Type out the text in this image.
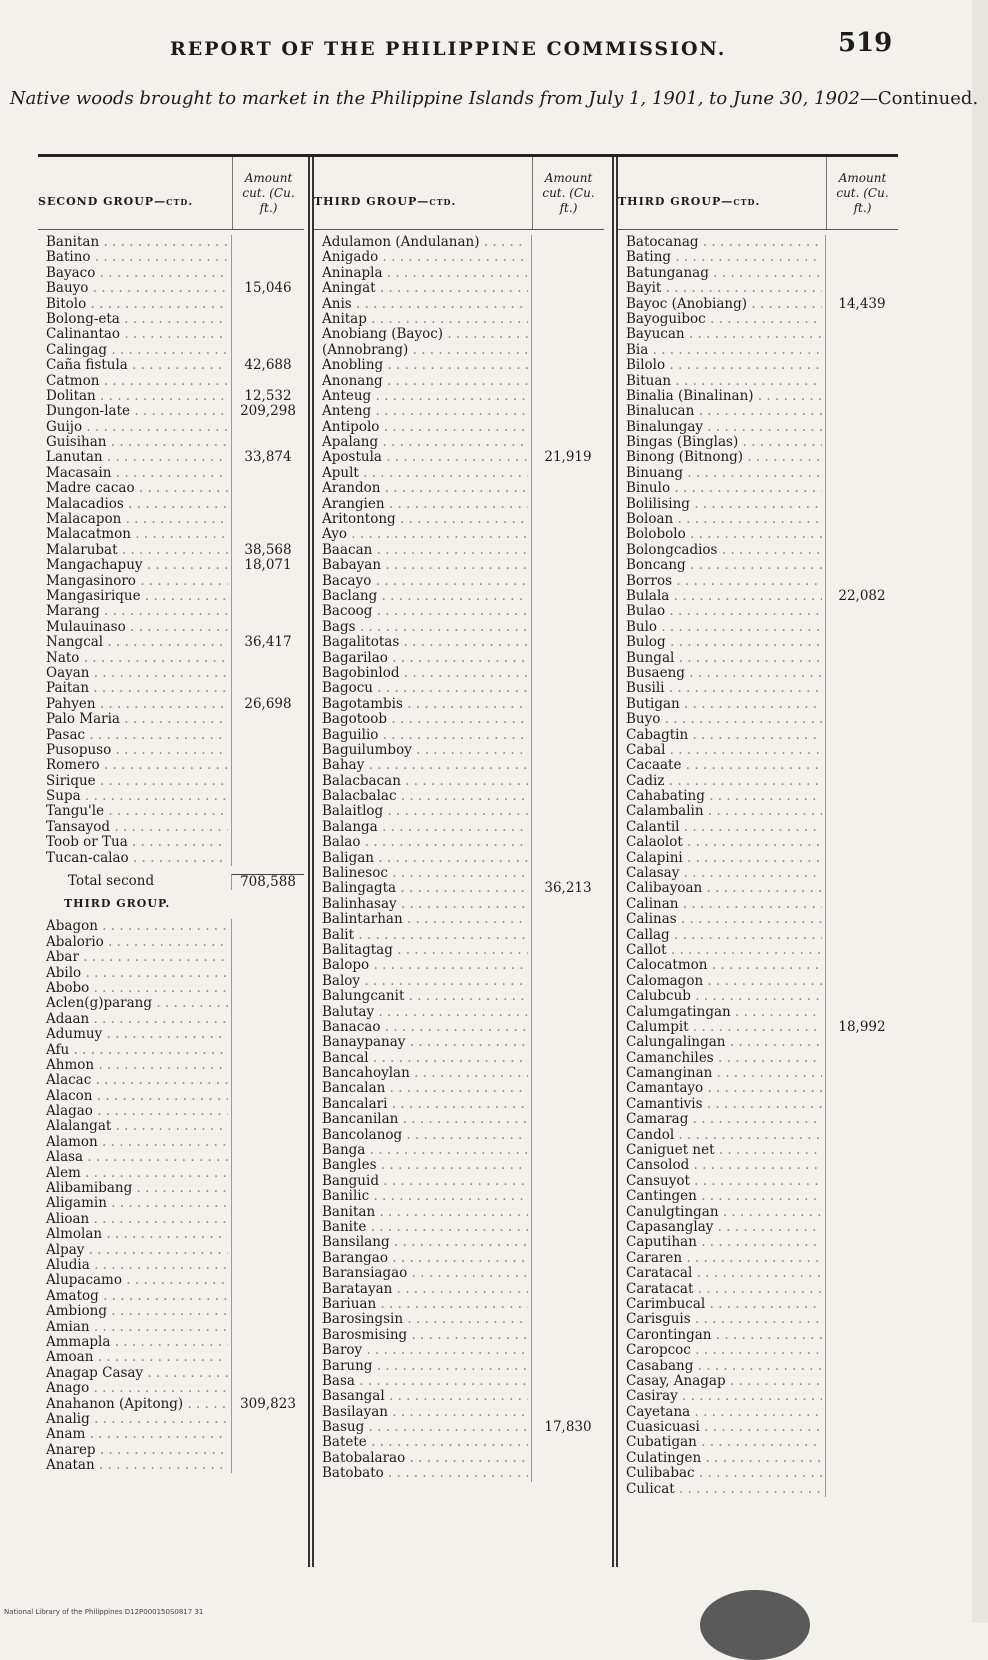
REPORT OF THE PHILIPPINE COMMISSION.	519
Native woods brought to market in the Philippine Islands from July 1, 1901, to June 30, 1902—Continued.
SECOND GROUP—ctd.
Amount cut. (Cu. ft.)
Banitan . . .
Batino . . .
Bayaco . . .
Bauyo . . .	15,046
Bitolo . . .
Bolong-eta . . .
Calinantao . . .
Calingag . . .
Caña fistula . . .	42,688
Catmon . . .
Dolitan . . .	12,532
Dungon-late . . .	209,298
Guijo . . .
Guisihan . . .
Lanutan . . .	33,874
Macasain . . .
Madre cacao . . .
Malacadios . . .
Malacapon . . .
Malacatmon . . .
Malarubat . . .	38,568
Mangachapuy . . .	18,071
Mangasinoro . . .
Mangasirique . . .
Marang . . .
Mulauinaso . . .
Nangcal . . .	36,417
Nato . . .
Oayan . . .
Paitan . . .
Pahyen . . .	26,698
Palo Maria . . .
Pasac . . .
Pusopuso . . .
Romero . . .
Sirique . . .
Supa . . .
Tangu'le . . .
Tansayod . . .
Toob or Tua . . .
Tucan-calao . . .
Total second	708,588
THIRD GROUP.
Abagon . . .
Abalorio . . .
Abar . . .
Abilo . . .
Abobo . . .
Aclen(g)parang . . .
Adaan . . .
Adumuy . . .
Afu . . .
Ahmon . . .
Alacac . . .
Alacon . . .
Alagao . . .
Alalangat . . .
Alamon . . .
Alasa . . .
Alem . . .
Alibamibang . . .
Aligamin . . .
Alioan . . .
Almolan . . .
Alpay . . .
Aludia . . .
Alupacamo . . .
Amatog . . .
Ambiong . . .
Amian . . .
Ammapla . . .
Amoan . . .
Anagap Casay . . .
Anago . . .
Anahanon (Apitong) . . .	309,823
Analig . . .
Anam . . .
Anarep . . .
Anatan . . .
THIRD GROUP—ctd.
Amount cut. (Cu. ft.)
Adulamon (Andulanan) . . .
Anigado . . .
Aninapla . . .
Aningat . . .
Anis . . .
Anitap . . .
Anobiang (Bayoc) . . .
(Annobrang) . . .
Anobling . . .
Anonang . . .
Anteug . . .
Anteng . . .
Antipolo . . .
Apalang . . .
Apostula . . .	21,919
Apult . . .
Arandon . . .
Arangien . . .
Aritontong . . .
Ayo . . .
Baacan . . .
Babayan . . .
Bacayo . . .
Baclang . . .
Bacoog . . .
Bags . . .
Bagalitotas . . .
Bagarilao . . .
Bagobinlod . . .
Bagocu . . .
Bagotambis . . .
Bagotoob . . .
Baguilio . . .
Baguilumboy . . .
Bahay . . .
Balacbacan . . .
Balacbalac . . .
Balaitlog . . .
Balanga . . .
Balao . . .
Baligan . . .
Balinesoc . . .
Balingagta . . .	36,213
Balinhasay . . .
Balintarhan . . .
Balit . . .
Balitagtag . . .
Balopo . . .
Baloy . . .
Balungcanit . . .
Balutay . . .
Banacao . . .
Banaypanay . . .
Bancal . . .
Bancahoylan . . .
Bancalan . . .
Bancalari . . .
Bancanilan . . .
Bancolanog . . .
Banga . . .
Bangles . . .
Banguid . . .
Banilic . . .
Banitan . . .
Banite . . .
Bansilang . . .
Barangao . . .
Baransiagao . . .
Baratayan . . .
Bariuan . . .
Barosingsin . . .
Barosmising . . .
Baroy . . .
Barung . . .
Basa . . .
Basangal . . .
Basilayan . . .
Basug . . .	17,830
Batete . . .
Batobalarao . . .
Batobato . . .
THIRD GROUP—ctd.
Amount cut. (Cu. ft.)
Batocanag . . .
Bating . . .
Batunganag . . .
Bayit . . .
Bayoc (Anobiang) . . .	14,439
Bayoguiboc . . .
Bayucan . . .
Bia . . .
Bilolo . . .
Bituan . . .
Binalia (Binalinan) . . .
Binalucan . . .
Binalungay . . .
Bingas (Binglas) . . .
Binong (Bitnong) . . .
Binuang . . .
Binulo . . .
Bolilising . . .
Boloan . . .
Bolobolo . . .
Bolongcadios . . .
Boncang . . .
Borros . . .
Bulala . . .	22,082
Bulao . . .
Bulo . . .
Bulog . . .
Bungal . . .
Busaeng . . .
Busili . . .
Butigan . . .
Buyo . . .
Cabagtin . . .
Cabal . . .
Cacaate . . .
Cadiz . . .
Cahabating . . .
Calambalin . . .
Calantil . . .
Calaolot . . .
Calapini . . .
Calasay . . .
Calibayoan . . .
Calinan . . .
Calinas . . .
Callag . . .
Callot . . .
Calocatmon . . .
Calomagon . . .
Calubcub . . .
Calumgatingan . . .
Calumpit . . .	18,992
Calungalingan . . .
Camanchiles . . .
Camanginan . . .
Camantayo . . .
Camantivis . . .
Camarag . . .
Candol . . .
Caniguet net . . .
Cansolod . . .
Cansuyot . . .
Cantingen . . .
Canulgtingan . . .
Capasanglay . . .
Caputihan . . .
Cararen . . .
Caratacal . . .
Caratacat . . .
Carimbucal . . .
Carisguis . . .
Carontingan . . .
Caropcoc . . .
Casabang . . .
Casay, Anagap . . .
Casiray . . .
Cayetana . . .
Cuasicuasi . . .
Cubatigan . . .
Culatingen . . .
Culibabac . . .
Culicat . . .
National Library of the Philippines D12P000150S0817 31
